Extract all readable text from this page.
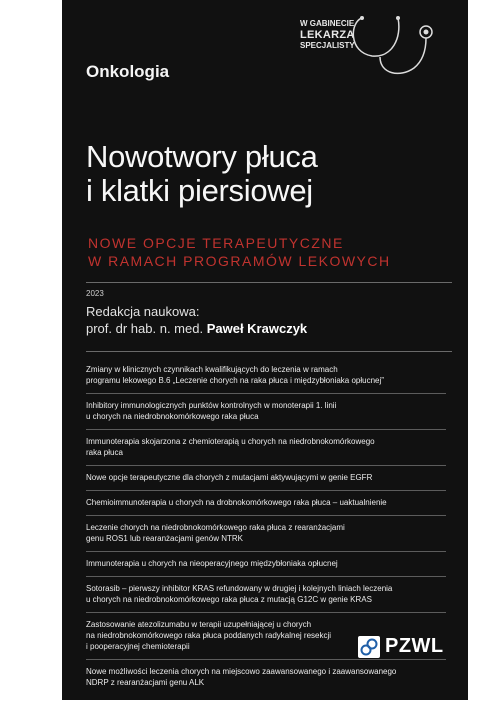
W GABINECIE
LEKARZA
SPECJALISTY
Onkologia
Nowotwory płuca
i klatki piersiowej
NOWE OPCJE TERAPEUTYCZNE
W RAMACH PROGRAMÓW LEKOWYCH
2023
Redakcja naukowa:
prof. dr hab. n. med. Paweł Krawczyk
Zmiany w klinicznych czynnikach kwalifikujących do leczenia w ramach
programu lekowego B.6 „Leczenie chorych na raka płuca i międzybłoniaka opłucnej”
Inhibitory immunologicznych punktów kontrolnych w monoterapii 1. linii
u chorych na niedrobnokomórkowego raka płuca
Immunoterapia skojarzona z chemioterapią u chorych na niedrobnokomórkowego
raka płuca
Nowe opcje terapeutyczne dla chorych z mutacjami aktywującymi w genie EGFR
Chemioimmunoterapia u chorych na drobnokomórkowego raka płuca – uaktualnienie
Leczenie chorych na niedrobnokomórkowego raka płuca z rearanżacjami
genu ROS1 lub rearanżacjami genów NTRK
Immunoterapia u chorych na nieoperacyjnego międzybłoniaka opłucnej
Sotorasib – pierwszy inhibitor KRAS refundowany w drugiej i kolejnych liniach leczenia
u chorych na niedrobnokomórkowego raka płuca z mutacją G12C w genie KRAS
Zastosowanie atezolizumabu w terapii uzupełniającej u chorych
na niedrobnokomórkowego raka płuca poddanych radykalnej resekcji
i pooperacyjnej chemioterapii
Nowe możliwości leczenia chorych na miejscowo zaawansowanego i zaawansowanego
NDRP z rearanżacjami genu ALK
PZWL
